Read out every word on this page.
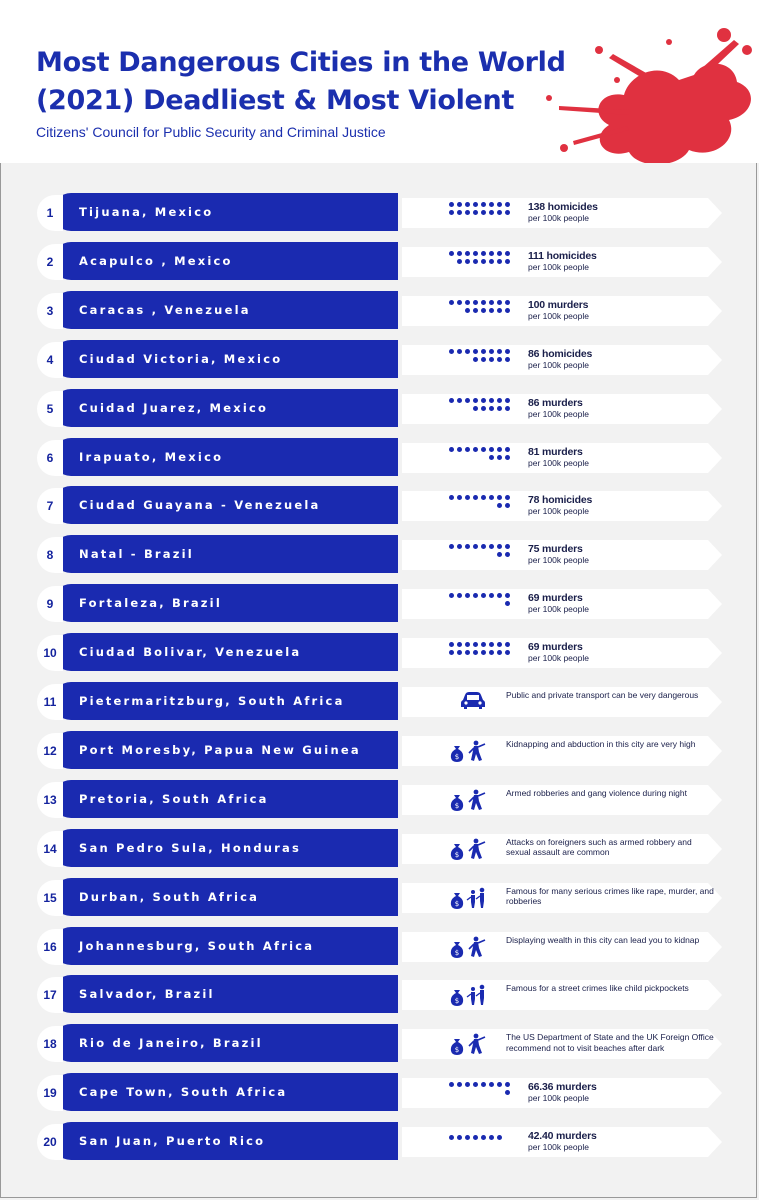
Most Dangerous Cities in the World
(2021) Deadliest & Most Violent
Citizens' Council for Public Security and Criminal Justice
1	Tijuana, Mexico	138 homicides
per 100k people
2	Acapulco , Mexico	111 homicides
per 100k people
3	Caracas , Venezuela	100 murders
per 100k people
4	Ciudad Victoria, Mexico	86 homicides
per 100k people
5	Cuidad Juarez, Mexico	86 murders
per 100k people
6	Irapuato, Mexico	81 murders
per 100k people
7	Ciudad Guayana - Venezuela	78 homicides
per 100k people
8	Natal - Brazil	75 murders
per 100k people
9	Fortaleza, Brazil	69 murders
per 100k people
10	Ciudad Bolivar, Venezuela	69 murders
per 100k people
11	Pietermaritzburg, South Africa	Public and private transport can be very dangerous
12	Port Moresby, Papua New Guinea	$
Kidnapping and abduction in this city are very high
13	Pretoria, South Africa	$
Armed robberies and gang violence during night
14	San Pedro Sula, Honduras	$
Attacks on foreigners such as armed robbery and sexual assault are common
15	Durban, South Africa	$
Famous for many serious crimes like rape, murder, and robberies
16	Johannesburg, South Africa	$
Displaying wealth in this city can lead you to kidnap
17	Salvador, Brazil	$
Famous for a street crimes like child pickpockets
18	Rio de Janeiro, Brazil	$
The US Department of State and the UK Foreign Office recommend not to visit beaches after dark
19	Cape Town, South Africa	66.36 murders
per 100k people
20	San Juan, Puerto Rico	42.40 murders
per 100k people
